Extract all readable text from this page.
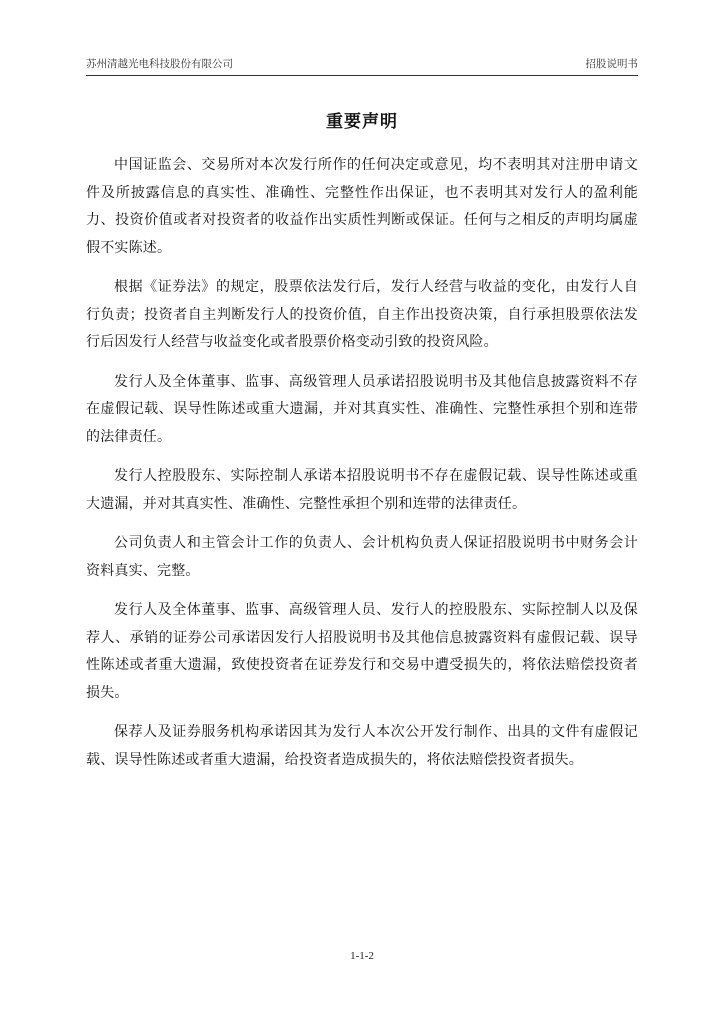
苏州清越光电科技股份有限公司	招股说明书
重要声明

中国证监会、交易所对本次发行所作的任何决定或意见，均不表明其对注册申请文件及所披露信息的真实性、准确性、完整性作出保证，也不表明其对发行人的盈利能力、投资价值或者对投资者的收益作出实质性判断或保证。任何与之相反的声明均属虚假不实陈述。

根据《证券法》的规定，股票依法发行后，发行人经营与收益的变化，由发行人自行负责；投资者自主判断发行人的投资价值，自主作出投资决策，自行承担股票依法发行后因发行人经营与收益变化或者股票价格变动引致的投资风险。

发行人及全体董事、监事、高级管理人员承诺招股说明书及其他信息披露资料不存在虚假记载、误导性陈述或重大遗漏，并对其真实性、准确性、完整性承担个别和连带的法律责任。

发行人控股股东、实际控制人承诺本招股说明书不存在虚假记载、误导性陈述或重大遗漏，并对其真实性、准确性、完整性承担个别和连带的法律责任。

公司负责人和主管会计工作的负责人、会计机构负责人保证招股说明书中财务会计资料真实、完整。

发行人及全体董事、监事、高级管理人员、发行人的控股股东、实际控制人以及保荐人、承销的证券公司承诺因发行人招股说明书及其他信息披露资料有虚假记载、误导性陈述或者重大遗漏，致使投资者在证券发行和交易中遭受损失的，将依法赔偿投资者损失。

保荐人及证券服务机构承诺因其为发行人本次公开发行制作、出具的文件有虚假记载、误导性陈述或者重大遗漏，给投资者造成损失的，将依法赔偿投资者损失。

1-1-2
